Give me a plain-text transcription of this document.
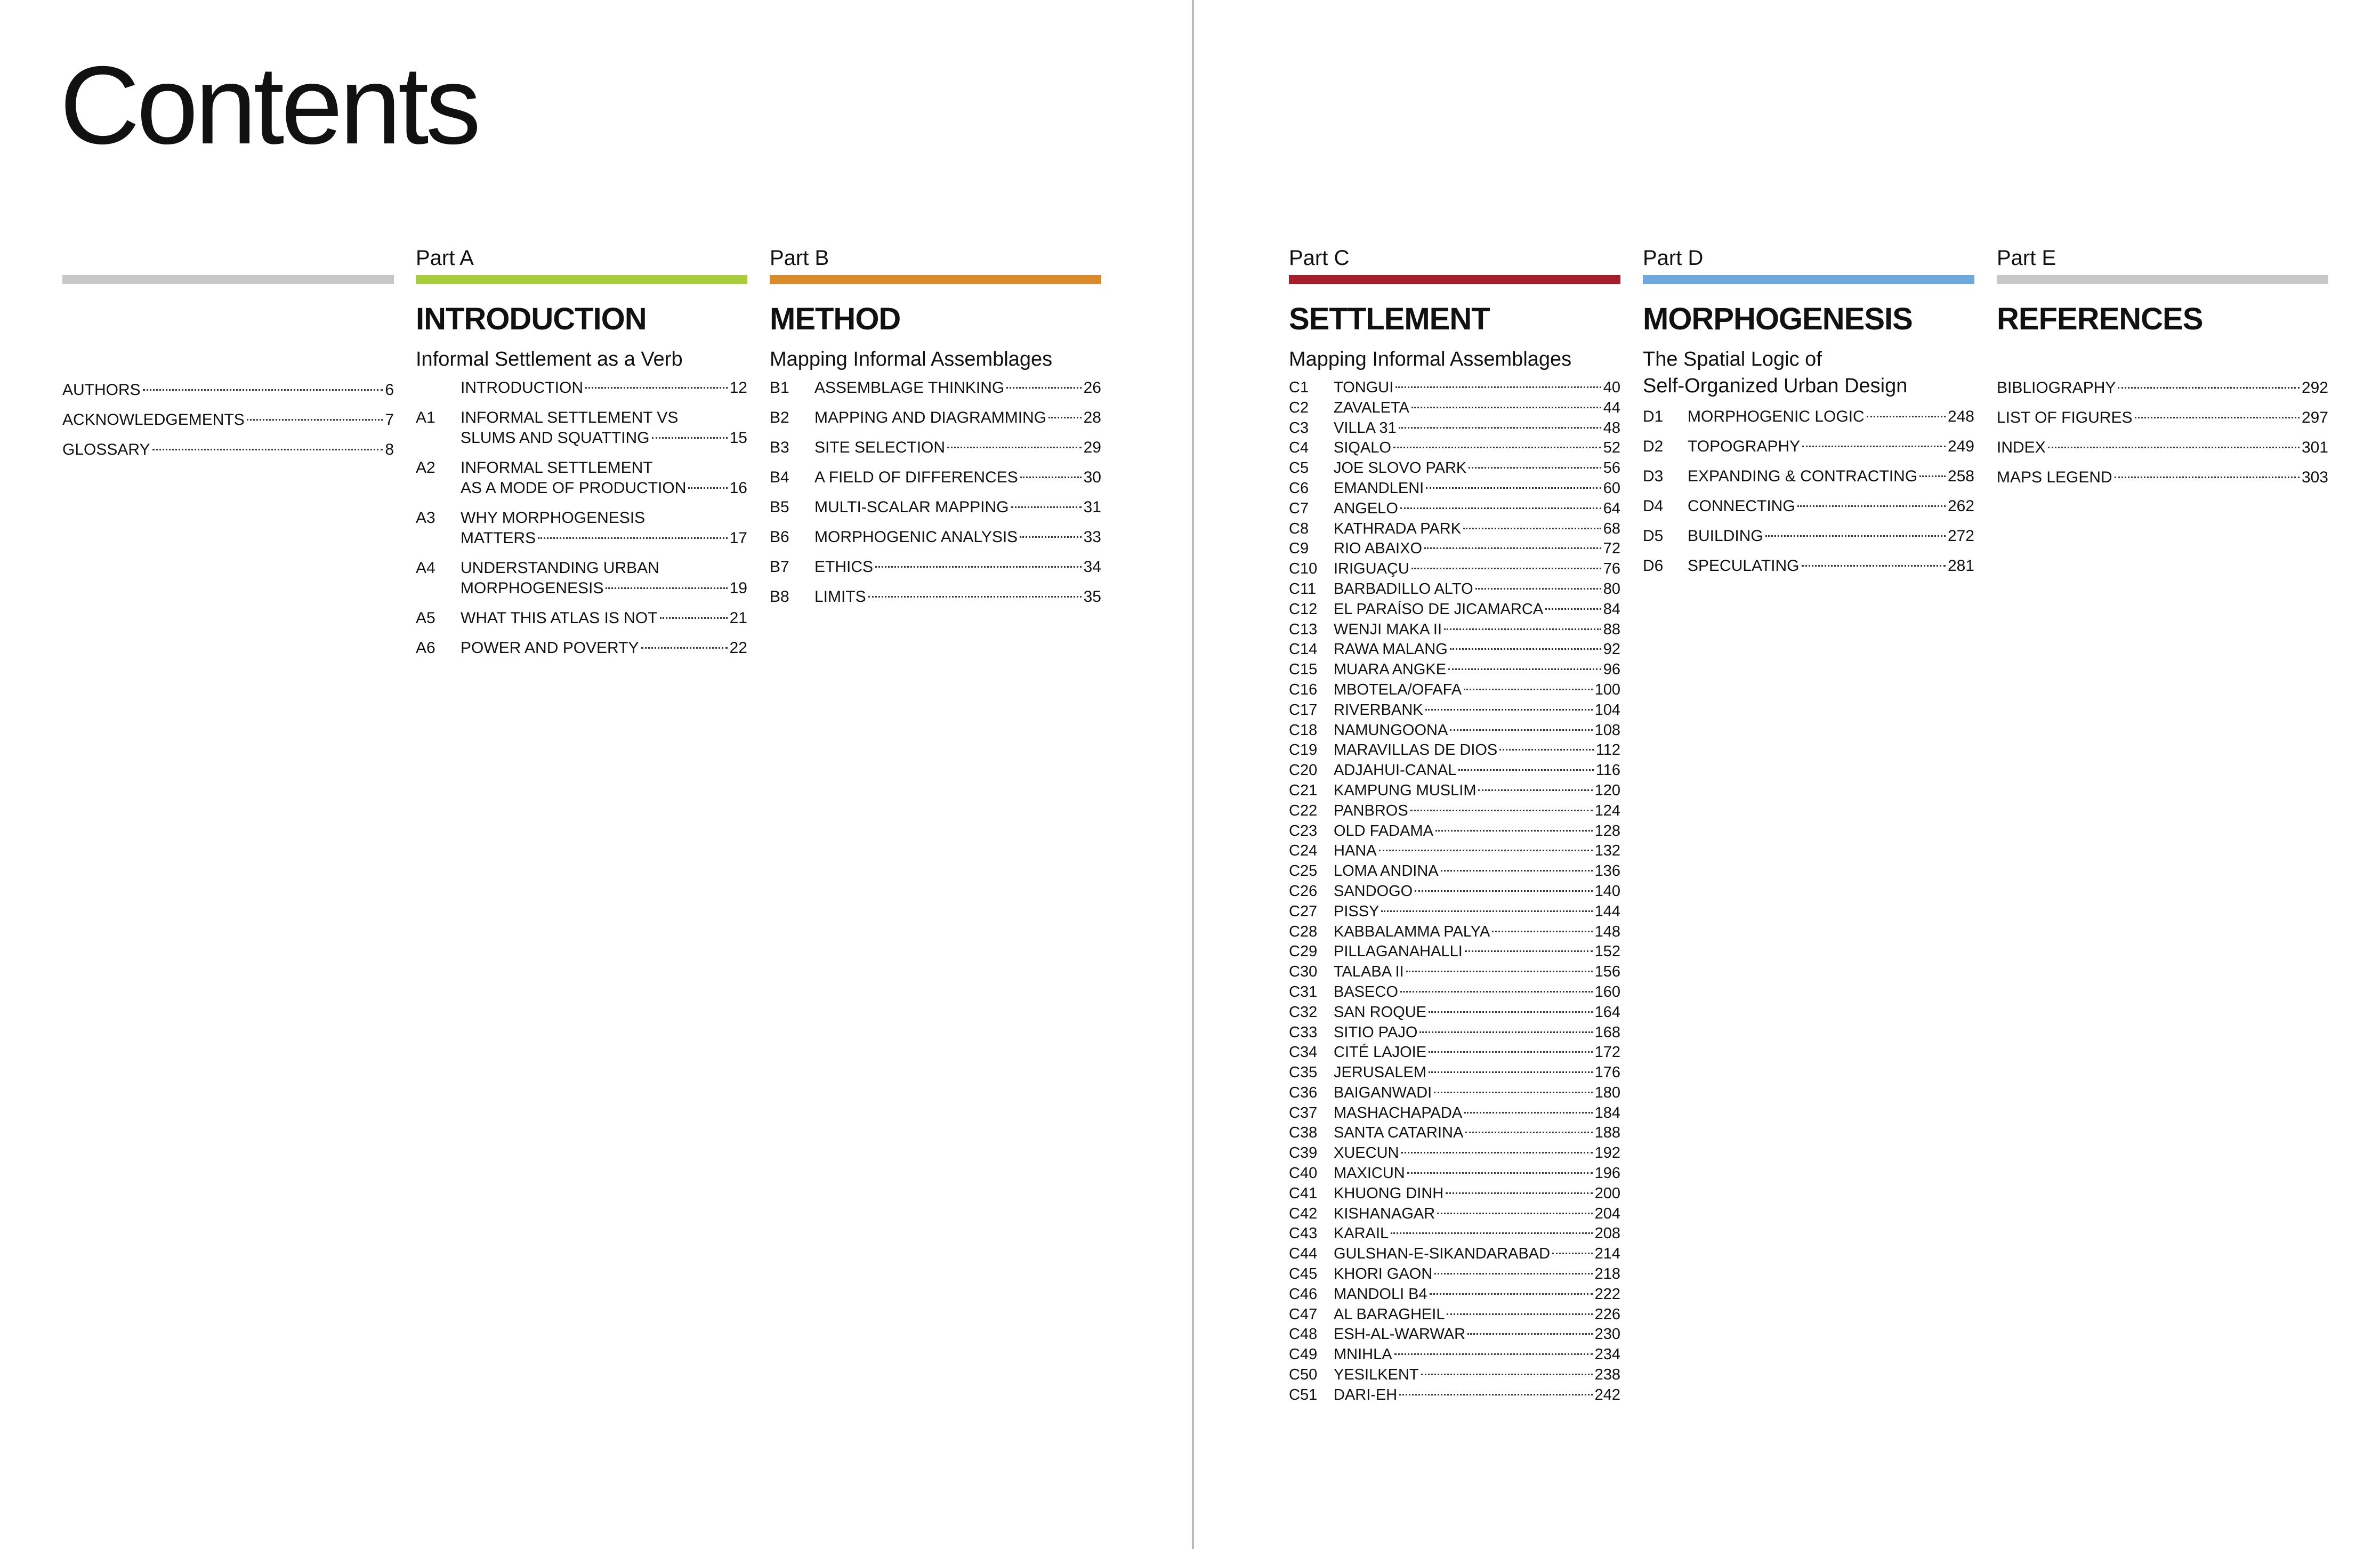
Contents
AUTHORS	6
ACKNOWLEDGEMENTS	7
GLOSSARY	8
Part A
INTRODUCTION
Informal Settlement as a Verb
INTRODUCTION	12
A1	INFORMAL SETTLEMENT VS
SLUMS AND SQUATTING	15
A2	INFORMAL SETTLEMENT
AS A MODE OF PRODUCTION	16
A3	WHY MORPHOGENESIS
MATTERS	17
A4	UNDERSTANDING URBAN
MORPHOGENESIS	19
A5	WHAT THIS ATLAS IS NOT	21
A6	POWER AND POVERTY	22
Part B
METHOD
Mapping Informal Assemblages
B1	ASSEMBLAGE THINKING	26
B2	MAPPING AND DIAGRAMMING 28
B3	SITE SELECTION	29
B4	A FIELD OF DIFFERENCES	30
B5	MULTI-SCALAR MAPPING	31
B6	MORPHOGENIC ANALYSIS	33
B7	ETHICS	34
B8	LIMITS	35
Part C
SETTLEMENT
Mapping Informal Assemblages
C1	TONGUI	40
C2	ZAVALETA	44
C3	VILLA 31	48
C4	SIQALO	52
C5	JOE SLOVO PARK	56
C6	EMANDLENI	60
C7	ANGELO	64
C8	KATHRADA PARK	68
C9	RIO ABAIXO	72
C10	IRIGUAÇU	76
C11	BARBADILLO ALTO	80
C12	EL PARAÍSO DE JICAMARCA	84
C13	WENJI MAKA II	88
C14	RAWA MALANG	92
C15	MUARA ANGKE	96
C16	MBOTELA/OFAFA	100
C17	RIVERBANK	104
C18	NAMUNGOONA	108
C19	MARAVILLAS DE DIOS	112
C20	ADJAHUI-CANAL	116
C21	KAMPUNG MUSLIM	120
C22	PANBROS	124
C23	OLD FADAMA	128
C24	HANA	132
C25	LOMA ANDINA	136
C26	SANDOGO	140
C27	PISSY	144
C28	KABBALAMMA PALYA	148
C29	PILLAGANAHALLI	152
C30	TALABA II	156
C31	BASECO	160
C32	SAN ROQUE	164
C33	SITIO PAJO	168
C34	CITÉ LAJOIE	172
C35	JERUSALEM	176
C36	BAIGANWADI	180
C37	MASHACHAPADA	184
C38	SANTA CATARINA	188
C39	XUECUN	192
C40	MAXICUN	196
C41	KHUONG DINH	200
C42	KISHANAGAR	204
C43	KARAIL	208
C44	GULSHAN-E-SIKANDARABAD	214
C45	KHORI GAON	218
C46	MANDOLI B4	222
C47	AL BARAGHEIL	226
C48	ESH-AL-WARWAR	230
C49	MNIHLA	234
C50	YESILKENT	238
C51	DARI-EH	242
Part D
MORPHOGENESIS
The Spatial Logic of
Self-Organized Urban Design
D1	MORPHOGENIC LOGIC	248
D2	TOPOGRAPHY	249
D3	EXPANDING & CONTRACTING 258
D4	CONNECTING	262
D5	BUILDING	272
D6	SPECULATING	281
Part E
REFERENCES
BIBLIOGRAPHY	292
LIST OF FIGURES	297
INDEX	301
MAPS LEGEND	303
